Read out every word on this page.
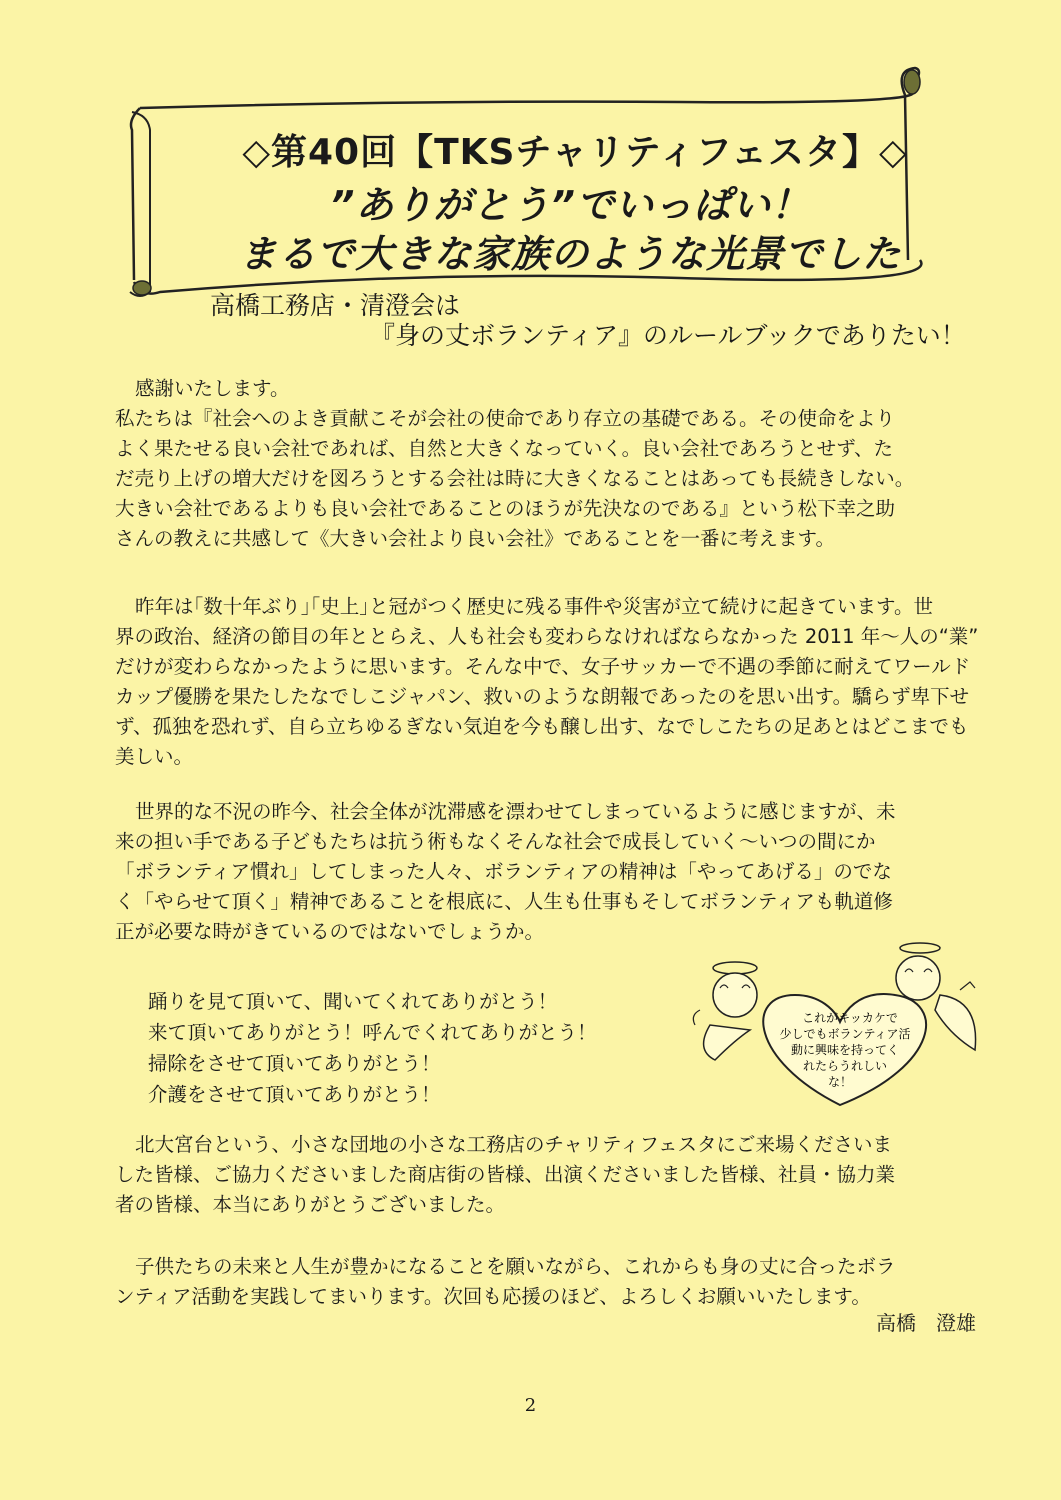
◇第40回【TKSチャリティフェスタ】◇

”ありがとう”でいっぱい！

まるで大きな家族のような光景でした

高橋工務店・清澄会は

『身の丈ボランティア』のルールブックでありたい！

感謝いたします。
私たちは『社会へのよき貢献こそが会社の使命であり存立の基礎である。その使命をより
よく果たせる良い会社であれば、自然と大きくなっていく。良い会社であろうとせず、た
だ売り上げの増大だけを図ろうとする会社は時に大きくなることはあっても長続きしない。
大きい会社であるよりも良い会社であることのほうが先決なのである』という松下幸之助
さんの教えに共感して《大きい会社より良い会社》であることを一番に考えます。
昨年は｢数十年ぶり｣｢史上｣と冠がつく歴史に残る事件や災害が立て続けに起きています。世
界の政治、経済の節目の年ととらえ、人も社会も変わらなければならなかった 2011 年～人の“業”
だけが変わらなかったように思います。そんな中で、女子サッカーで不遇の季節に耐えてワールド
カップ優勝を果たしたなでしこジャパン、救いのような朗報であったのを思い出す。驕らず卑下せ
ず、孤独を恐れず、自ら立ちゆるぎない気迫を今も醸し出す、なでしこたちの足あとはどこまでも
美しい。
世界的な不況の昨今、社会全体が沈滞感を漂わせてしまっているように感じますが、未
来の担い手である子どもたちは抗う術もなくそんな社会で成長していく～いつの間にか
「ボランティア慣れ」してしまった人々、ボランティアの精神は「やってあげる」のでな
く「やらせて頂く」精神であることを根底に、人生も仕事もそしてボランティアも軌道修
正が必要な時がきているのではないでしょうか。
踊りを見て頂いて、聞いてくれてありがとう！
来て頂いてありがとう！呼んでくれてありがとう！
掃除をさせて頂いてありがとう！
介護をさせて頂いてありがとう！
これがキッカケで
少しでもボランティア活
動に興味を持ってく
れたらうれしい
な！
北大宮台という、小さな団地の小さな工務店のチャリティフェスタにご来場くださいま
した皆様、ご協力くださいました商店街の皆様、出演くださいました皆様、社員・協力業
者の皆様、本当にありがとうございました。
子供たちの未来と人生が豊かになることを願いながら、これからも身の丈に合ったボラ
ンティア活動を実践してまいります。次回も応援のほど、よろしくお願いいたします。

高橋　澄雄

2
